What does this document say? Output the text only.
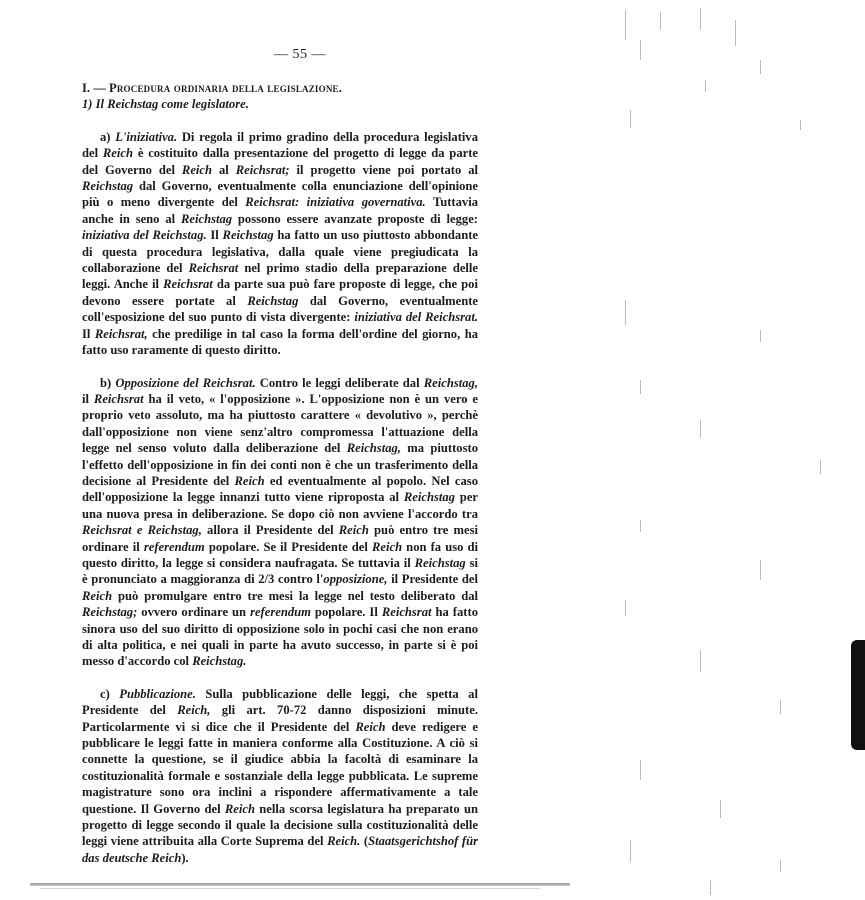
— 55 —

I. — Procedura ordinaria della legislazione.

1) Il Reichstag come legislatore.

a) L'iniziativa. Di regola il primo gradino della procedura legislativa del Reich è costituito dalla presentazione del progetto di legge da parte del Governo del Reich al Reichsrat; il progetto viene poi portato al Reichstag dal Governo, eventualmente colla enunciazione dell'opinione più o meno divergente del Reichsrat: iniziativa governativa. Tuttavia anche in seno al Reichstag possono essere avanzate proposte di legge: iniziativa del Reichstag. Il Reichstag ha fatto un uso piuttosto abbondante di questa procedura legislativa, dalla quale viene pregiudicata la collaborazione del Reichsrat nel primo stadio della preparazione delle leggi. Anche il Reichsrat da parte sua può fare proposte di legge, che poi devono essere portate al Reichstag dal Governo, eventualmente coll'esposizione del suo punto di vista divergente: iniziativa del Reichsrat. Il Reichsrat, che predilige in tal caso la forma dell'ordine del giorno, ha fatto uso raramente di questo diritto.

b) Opposizione del Reichsrat. Contro le leggi deliberate dal Reichstag, il Reichsrat ha il veto, « l'opposizione ». L'opposizione non è un vero e proprio veto assoluto, ma ha piuttosto carattere « devolutivo », perchè dall'opposizione non viene senz'altro compromessa l'attuazione della legge nel senso voluto dalla deliberazione del Reichstag, ma piuttosto l'effetto dell'opposizione in fin dei conti non è che un trasferimento della decisione al Presidente del Reich ed eventualmente al popolo. Nel caso dell'opposizione la legge innanzi tutto viene riproposta al Reichstag per una nuova presa in deliberazione. Se dopo ciò non avviene l'accordo tra Reichsrat e Reichstag, allora il Presidente del Reich può entro tre mesi ordinare il referendum popolare. Se il Presidente del Reich non fa uso di questo diritto, la legge si considera naufragata. Se tuttavia il Reichstag si è pronunciato a maggioranza di 2/3 contro l'opposizione, il Presidente del Reich può promulgare entro tre mesi la legge nel testo deliberato dal Reichstag; ovvero ordinare un referendum popolare. Il Reichsrat ha fatto sinora uso del suo diritto di opposizione solo in pochi casi che non erano di alta politica, e nei quali in parte ha avuto successo, in parte si è poi messo d'accordo col Reichstag.

c) Pubblicazione. Sulla pubblicazione delle leggi, che spetta al Presidente del Reich, gli art. 70-72 danno disposizioni minute. Particolarmente vi si dice che il Presidente del Reich deve redigere e pubblicare le leggi fatte in maniera conforme alla Costituzione. A ciò si connette la questione, se il giudice abbia la facoltà di esaminare la costituzionalità formale e sostanziale della legge pubblicata. Le supreme magistrature sono ora inclini a rispondere affermativamente a tale questione. Il Governo del Reich nella scorsa legislatura ha preparato un progetto di legge secondo il quale la decisione sulla costituzionalità delle leggi viene attribuita alla Corte Suprema del Reich. (Staatsgerichtshof für das deutsche Reich).
